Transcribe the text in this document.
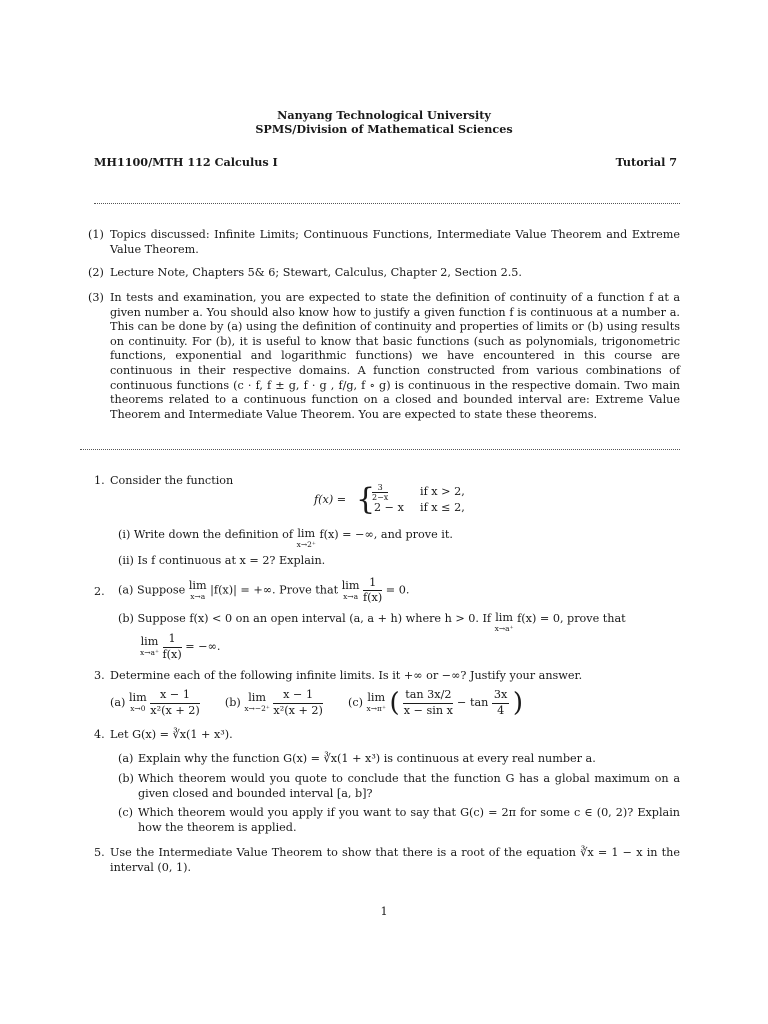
Nanyang Technological University
SPMS/Division of Mathematical Sciences
MH1100/MTH 112 Calculus I	Tutorial 7
(1) Topics discussed: Infinite Limits; Continuous Functions, Intermediate Value Theorem and Extreme Value Theorem.
(2) Lecture Note, Chapters 5& 6; Stewart, Calculus, Chapter 2, Section 2.5.
(3) In tests and examination, you are expected to state the definition of continuity of a function f at a given number a. You should also know how to justify a given function f is continuous at a number a. This can be done by (a) using the definition of continuity and properties of limits or (b) using results on continuity. For (b), it is useful to know that basic functions (such as polynomials, trigonometric functions, exponential and logarithmic functions) we have encountered in this course are continuous in their respective domains. A function constructed from various combinations of continuous functions (c · f, f ± g, f · g , f/g, f ∘ g) is continuous in the respective domain. Two main theorems related to a continuous function on a closed and bounded interval are: Extreme Value Theorem and Intermediate Value Theorem. You are expected to state these theorems.
1. Consider the function
f(x) = {
$\frac{3}{2-x}$	if x > 2,
2 − x if x ≤ 2,
(i) Write down the definition of lim
x→2⁺
f(x) = −∞, and prove it.
(ii) Is f continuous at x = 2? Explain.
2. (a) Suppose lim
x→a |f(x)| = +∞. Prove that lim
x→a
$\frac{1}{f(x)} = 0$.
(b) Suppose f(x) < 0 on an open interval (a, a + h) where h > 0. If lim
x→a⁺
f(x) = 0, prove that
lim
x→a⁺
$\frac{1}{f(x)}$ = −∞.
3. Determine each of the following infinite limits. Is it +∞ or −∞? Justify your answer.
(a) lim
x→0
$\frac{x - 1}{\text{x²(x + 2)}} (b)$ lim
x→−2⁺
$\frac{x - 1}{\text{x²(x + 2)}} (c)$ lim
x→π⁺ ( $\frac{\tan 3x/2}{\text{x − sin x}} - \tan \frac{3x}{4}$ )
4. Let G(x) = ∛x(1 + x³).
(a) Explain why the function G(x) = ∛x(1 + x³) is continuous at every real number a.
(b) Which theorem would you quote to conclude that the function G has a global maximum on a given closed and bounded interval [a, b]?
(c) Which theorem would you apply if you want to say that G(c) = 2π for some c ∈ (0, 2)? Explain how the theorem is applied.
5. Use the Intermediate Value Theorem to show that there is a root of the equation ∛x = 1 − x in the interval (0, 1).
1
